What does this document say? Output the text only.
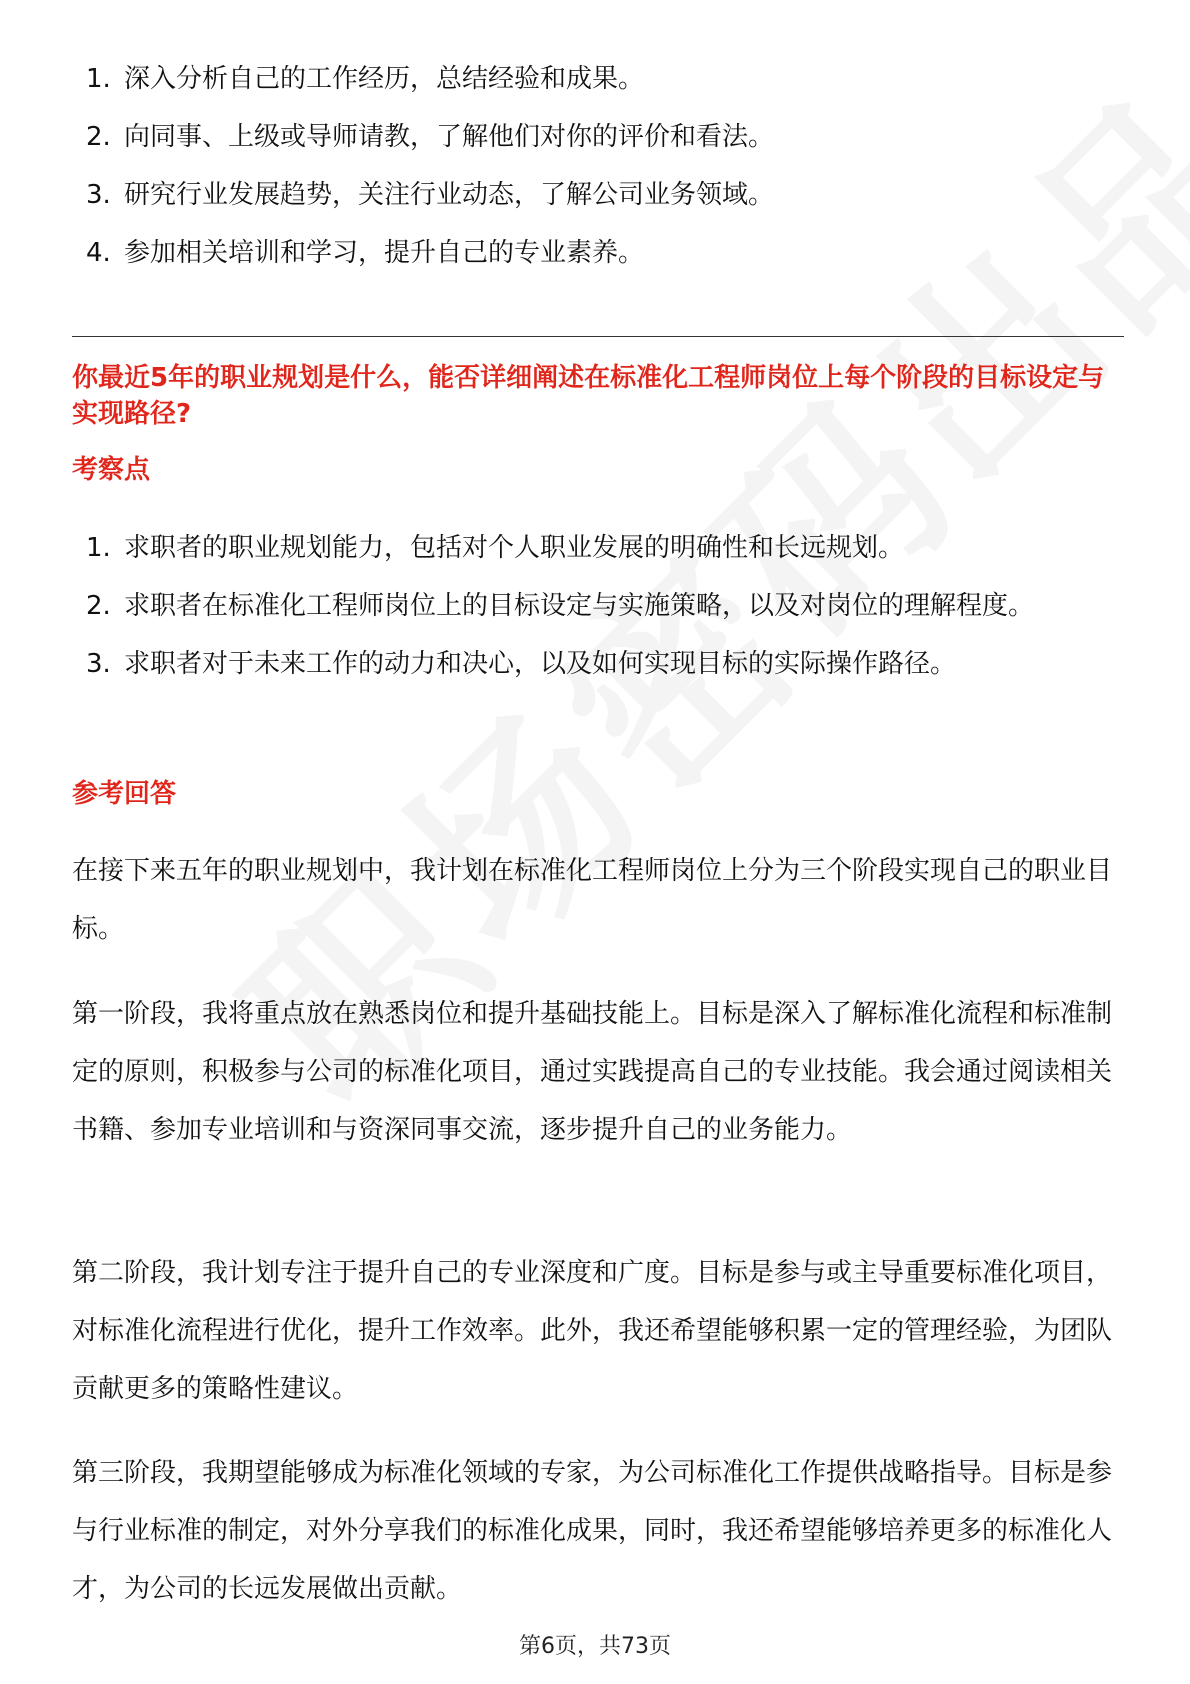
1. 深入分析自己的工作经历，总结经验和成果。
2. 向同事、上级或导师请教，了解他们对你的评价和看法。
3. 研究行业发展趋势，关注行业动态，了解公司业务领域。
4. 参加相关培训和学习，提升自己的专业素养。
你最近5年的职业规划是什么，能否详细阐述在标准化工程师岗位上每个阶段的目标设定与实现路径?
考察点
1. 求职者的职业规划能力，包括对个人职业发展的明确性和长远规划。
2. 求职者在标准化工程师岗位上的目标设定与实施策略，以及对岗位的理解程度。
3. 求职者对于未来工作的动力和决心，以及如何实现目标的实际操作路径。
参考回答

在接下来五年的职业规划中，我计划在标准化工程师岗位上分为三个阶段实现自己的职业目标。

第一阶段，我将重点放在熟悉岗位和提升基础技能上。目标是深入了解标准化流程和标准制定的原则，积极参与公司的标准化项目，通过实践提高自己的专业技能。我会通过阅读相关书籍、参加专业培训和与资深同事交流，逐步提升自己的业务能力。

第二阶段，我计划专注于提升自己的专业深度和广度。目标是参与或主导重要标准化项目，对标准化流程进行优化，提升工作效率。此外，我还希望能够积累一定的管理经验，为团队贡献更多的策略性建议。

第三阶段，我期望能够成为标准化领域的专家，为公司标准化工作提供战略指导。目标是参与行业标准的制定，对外分享我们的标准化成果，同时，我还希望能够培养更多的标准化人才，为公司的长远发展做出贡献。

第6页，共73页
